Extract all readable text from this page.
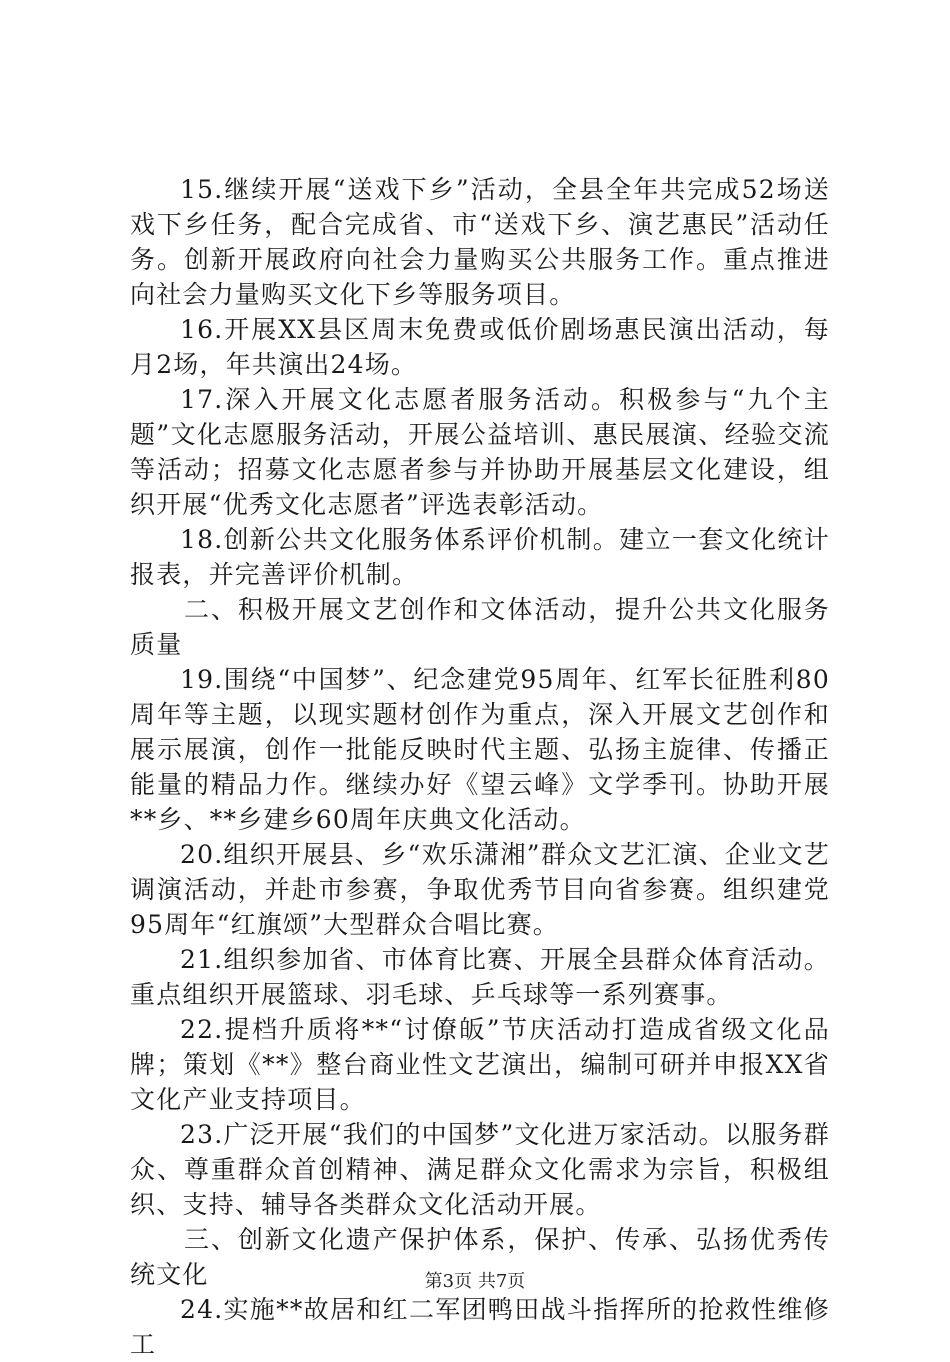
15.继续开展“送戏下乡”活动，全县全年共完成52场送戏下乡任务，配合完成省、市“送戏下乡、演艺惠民”活动任务。创新开展政府向社会力量购买公共服务工作。重点推进向社会力量购买文化下乡等服务项目。

16.开展XX县区周末免费或低价剧场惠民演出活动，每月2场，年共演出24场。

17.深入开展文化志愿者服务活动。积极参与“九个主题”文化志愿服务活动，开展公益培训、惠民展演、经验交流等活动；招募文化志愿者参与并协助开展基层文化建设，组织开展“优秀文化志愿者”评选表彰活动。

18.创新公共文化服务体系评价机制。建立一套文化统计报表，并完善评价机制。

二、积极开展文艺创作和文体活动，提升公共文化服务质量

19.围绕“中国梦”、纪念建党95周年、红军长征胜利80周年等主题，以现实题材创作为重点，深入开展文艺创作和展示展演，创作一批能反映时代主题、弘扬主旋律、传播正能量的精品力作。继续办好《望云峰》文学季刊。协助开展**乡、**乡建乡60周年庆典文化活动。

20.组织开展县、乡“欢乐潇湘”群众文艺汇演、企业文艺调演活动，并赴市参赛，争取优秀节目向省参赛。组织建党95周年“红旗颂”大型群众合唱比赛。

21.组织参加省、市体育比赛、开展全县群众体育活动。重点组织开展篮球、羽毛球、乒乓球等一系列赛事。

22.提档升质将**“讨僚皈”节庆活动打造成省级文化品牌；策划《**》整台商业性文艺演出，编制可研并申报XX省文化产业支持项目。

23.广泛开展“我们的中国梦”文化进万家活动。以服务群众、尊重群众首创精神、满足群众文化需求为宗旨，积极组织、支持、辅导各类群众文化活动开展。

三、创新文化遗产保护体系，保护、传承、弘扬优秀传统文化

24.实施**故居和红二军团鸭田战斗指挥所的抢救性维修工

第3页 共7页
